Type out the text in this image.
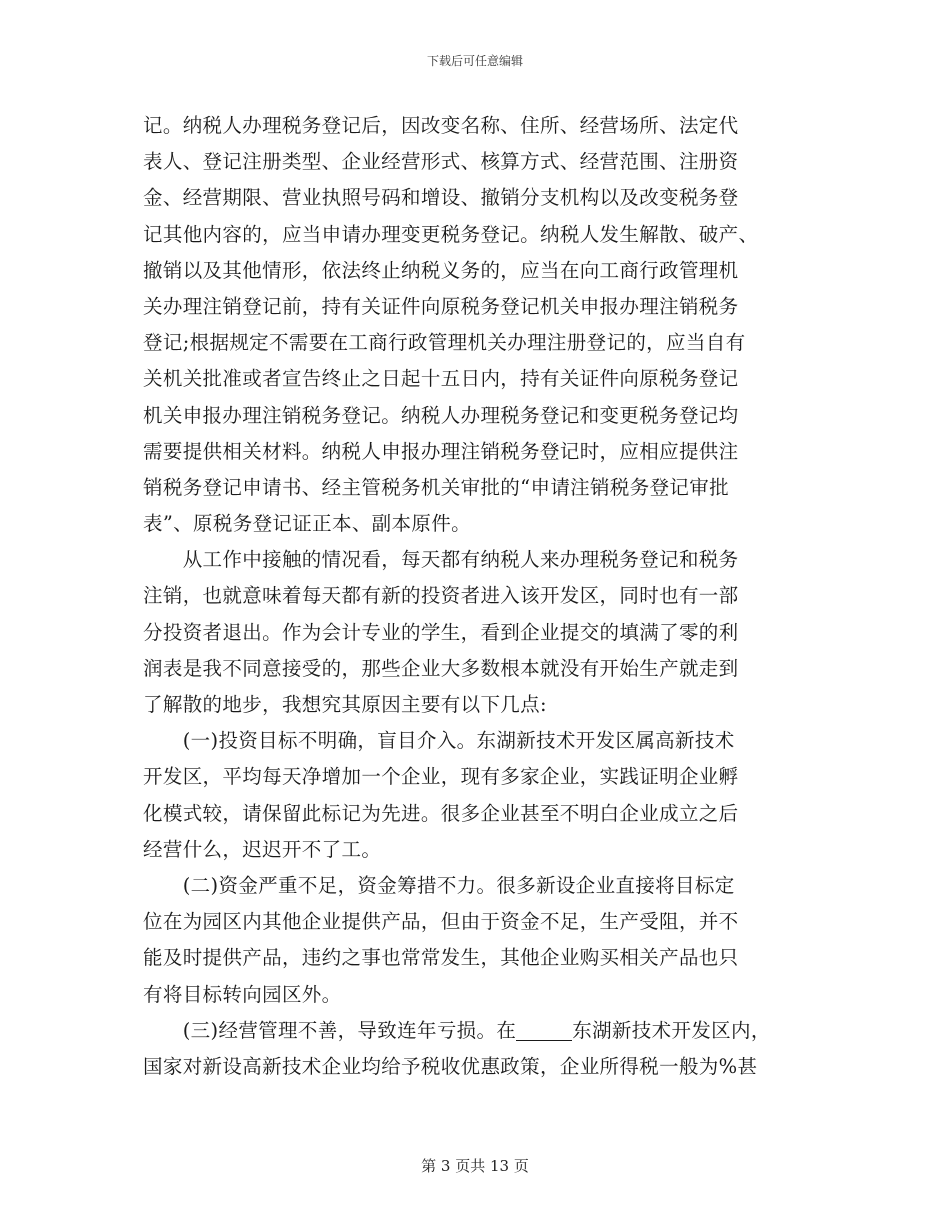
下载后可任意编辑
记。纳税人办理税务登记后，因改变名称、住所、经营场所、法定代
表人、登记注册类型、企业经营形式、核算方式、经营范围、注册资
金、经营期限、营业执照号码和增设、撤销分支机构以及改变税务登
记其他内容的，应当申请办理变更税务登记。纳税人发生解散、破产、
撤销以及其他情形，依法终止纳税义务的，应当在向工商行政管理机
关办理注销登记前，持有关证件向原税务登记机关申报办理注销税务
登记;根据规定不需要在工商行政管理机关办理注册登记的，应当自有
关机关批准或者宣告终止之日起十五日内，持有关证件向原税务登记
机关申报办理注销税务登记。纳税人办理税务登记和变更税务登记均
需要提供相关材料。纳税人申报办理注销税务登记时，应相应提供注
销税务登记申请书、经主管税务机关审批的“申请注销税务登记审批
表”、原税务登记证正本、副本原件。
　　从工作中接触的情况看，每天都有纳税人来办理税务登记和税务
注销，也就意味着每天都有新的投资者进入该开发区，同时也有一部
分投资者退出。作为会计专业的学生，看到企业提交的填满了零的利
润表是我不同意接受的，那些企业大多数根本就没有开始生产就走到
了解散的地步，我想究其原因主要有以下几点:
　　(一)投资目标不明确，盲目介入。东湖新技术开发区属高新技术
开发区，平均每天净增加一个企业，现有多家企业，实践证明企业孵
化模式较，请保留此标记为先进。很多企业甚至不明白企业成立之后
经营什么，迟迟开不了工。
　　(二)资金严重不足，资金筹措不力。很多新设企业直接将目标定
位在为园区内其他企业提供产品，但由于资金不足，生产受阻，并不
能及时提供产品，违约之事也常常发生，其他企业购买相关产品也只
有将目标转向园区外。
　　(三)经营管理不善，导致连年亏损。在	东湖新技术开发区内，
国家对新设高新技术企业均给予税收优惠政策，企业所得税一般为%甚
第 3 页共 13 页
